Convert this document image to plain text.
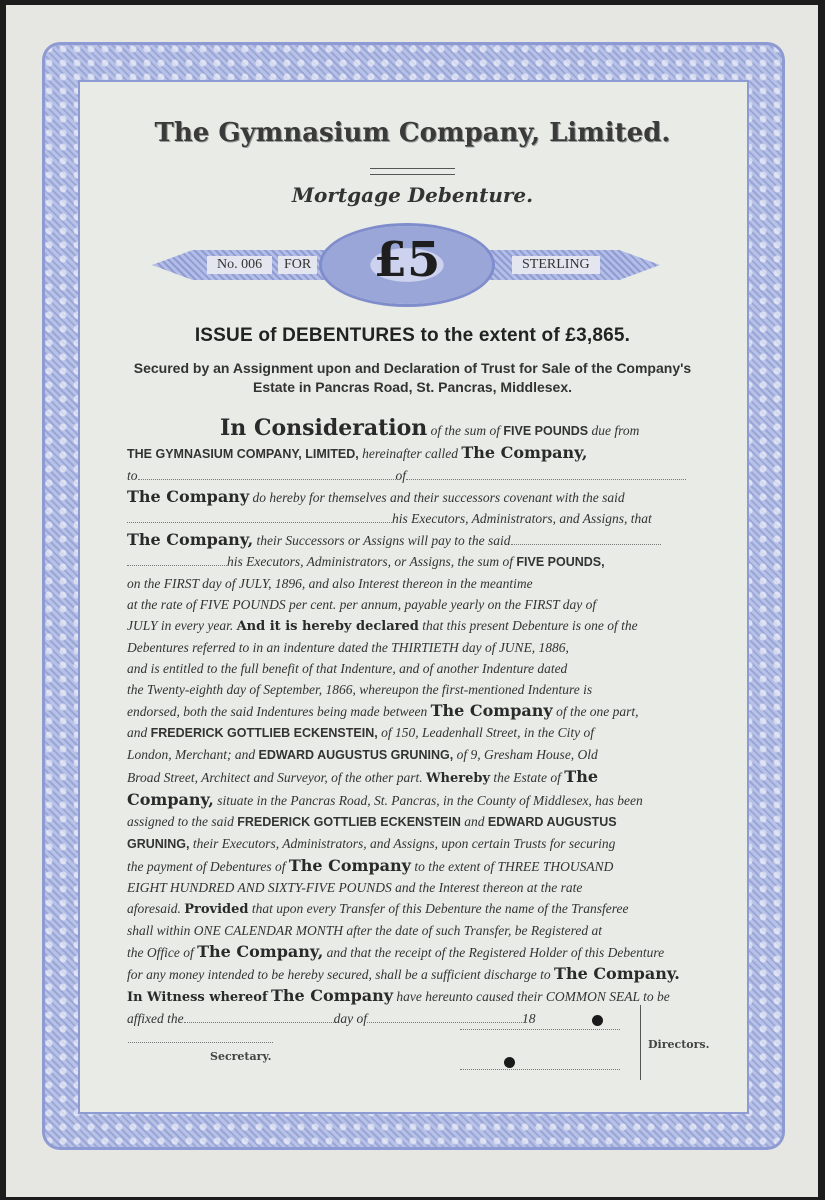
The Gymnasium Company, Limited.
Mortgage Debenture.
No. 006	FOR	STERLING
£5
ISSUE of DEBENTURES to the extent of £3,865.
Secured by an Assignment upon and Declaration of Trust for Sale of the Company's
Estate in Pancras Road, St. Pancras, Middlesex.
In Consideration of the sum of FIVE POUNDS due from
THE GYMNASIUM COMPANY, LIMITED, hereinafter called The Company,
to	of
The Company do hereby for themselves and their successors covenant with the said
his Executors, Administrators, and Assigns, that
The Company, their Successors or Assigns will pay to the said
his Executors, Administrators, or Assigns, the sum of FIVE POUNDS,
on the FIRST day of JULY, 1896, and also Interest thereon in the meantime
at the rate of FIVE POUNDS per cent. per annum, payable yearly on the FIRST day of
JULY in every year. And it is hereby declared that this present Debenture is one of the
Debentures referred to in an indenture dated the THIRTIETH day of JUNE, 1886,
and is entitled to the full benefit of that Indenture, and of another Indenture dated
the Twenty-eighth day of September, 1866, whereupon the first-mentioned Indenture is
endorsed, both the said Indentures being made between The Company of the one part,
and FREDERICK GOTTLIEB ECKENSTEIN, of 150, Leadenhall Street, in the City of
London, Merchant; and EDWARD AUGUSTUS GRUNING, of 9, Gresham House, Old
Broad Street, Architect and Surveyor, of the other part. Whereby the Estate of The
Company, situate in the Pancras Road, St. Pancras, in the County of Middlesex, has been
assigned to the said FREDERICK GOTTLIEB ECKENSTEIN and EDWARD AUGUSTUS
GRUNING, their Executors, Administrators, and Assigns, upon certain Trusts for securing
the payment of Debentures of The Company to the extent of THREE THOUSAND
EIGHT HUNDRED AND SIXTY-FIVE POUNDS and the Interest thereon at the rate
aforesaid. Provided that upon every Transfer of this Debenture the name of the Transferee
shall within ONE CALENDAR MONTH after the date of such Transfer, be Registered at
the Office of The Company, and that the receipt of the Registered Holder of this Debenture
for any money intended to be hereby secured, shall be a sufficient discharge to The Company.
In Witness whereof The Company have hereunto caused their COMMON SEAL to be
affixed the	day of	18
Secretary.
Directors.
